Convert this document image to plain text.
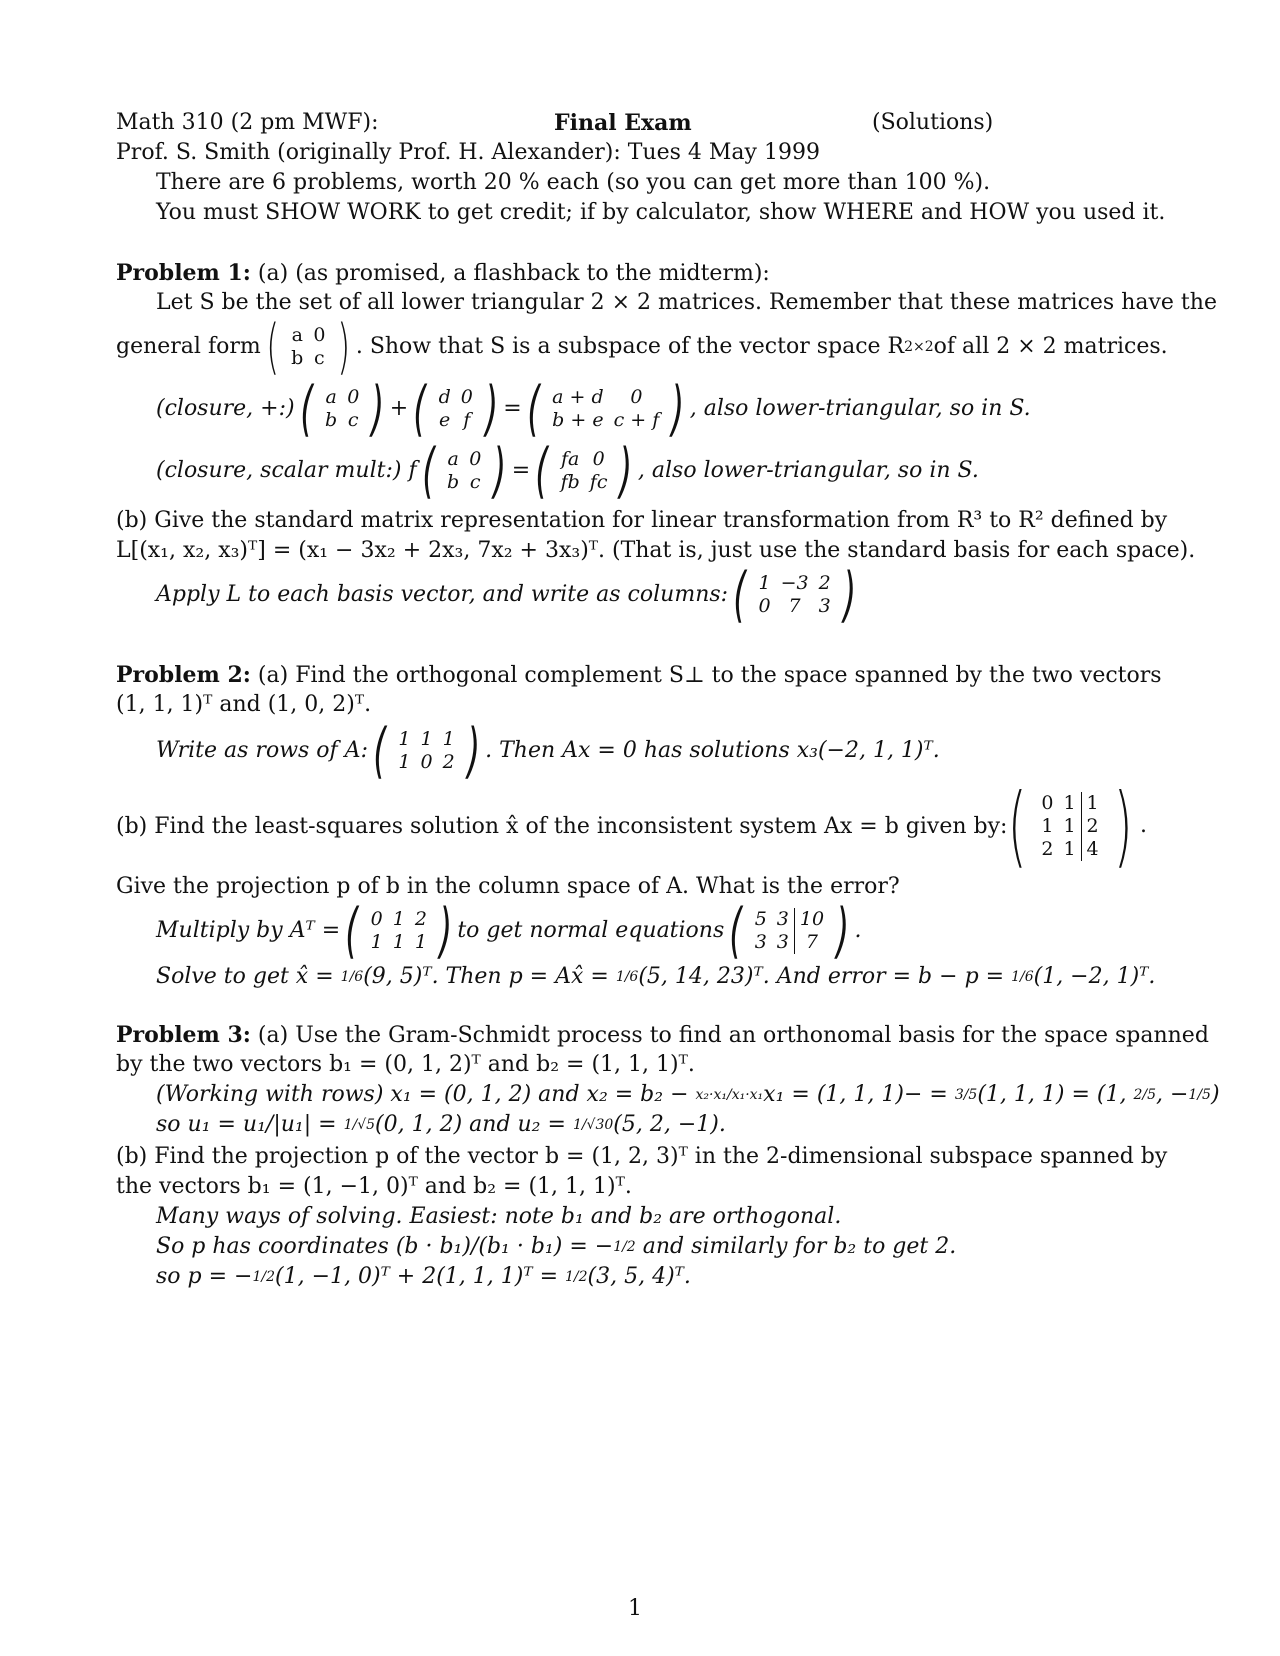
Math 310 (2 pm MWF):	Final Exam	(Solutions)
Prof. S. Smith (originally Prof. H. Alexander): Tues 4 May 1999
There are 6 problems, worth 20 % each (so you can get more than 100 %).
You must SHOW WORK to get credit; if by calculator, show WHERE and HOW you used it.
Problem 1: (a) (as promised, a flashback to the midterm):
Let S be the set of all lower triangular 2 × 2 matrices. Remember that these matrices have the
general form ( a	0
b	c ) . Show that S is a subspace of the vector space R 2×2 of all 2 × 2 matrices.
(closure, +:) ( a	0
b	c ) + ( d	0
e	f ) = ( a + d	0
b + e	c + f ) , also lower-triangular, so in S.
(closure, scalar mult:) f ( a	0
b	c ) = ( fa	0
fb	fc ) , also lower-triangular, so in S.
(b) Give the standard matrix representation for linear transformation from R³ to R² defined by
L[(x₁, x₂, x₃)ᵀ] = (x₁ − 3x₂ + 2x₃, 7x₂ + 3x₃)ᵀ. (That is, just use the standard basis for each space).
Apply L to each basis vector, and write as columns: ( 1	−3	2
0	7	3 )
Problem 2: (a) Find the orthogonal complement S⊥ to the space spanned by the two vectors
(1, 1, 1)ᵀ and (1, 0, 2)ᵀ.
Write as rows of A: ( 1	1	1
1	0	2 ) . Then Ax = 0 has solutions x₃(−2, 1, 1)ᵀ.
(b) Find the least-squares solution x̂ of the inconsistent system Ax = b given by: ( 0	1	1
1	1	2
2	1	4 ) .
Give the projection p of b in the column space of A. What is the error?
Multiply by Aᵀ = ( 0	1	2
1	1	1 ) to get normal equations ( 5	3	10
3	3	7 ) .
Solve to get x̂ = 1/6(9, 5)ᵀ. Then p = Ax̂ = 1/6(5, 14, 23)ᵀ. And error = b − p = 1/6(1, −2, 1)ᵀ.
Problem 3: (a) Use the Gram-Schmidt process to find an orthonomal basis for the space spanned
by the two vectors b₁ = (0, 1, 2)ᵀ and b₂ = (1, 1, 1)ᵀ.
(Working with rows) x₁ = (0, 1, 2) and x₂ = b₂ − x₂·x₁/x₁·x₁x₁ = (1, 1, 1)− = 3/5(1, 1, 1) = (1, 2/5, −1/5)
so u₁ = u₁/|u₁| = 1/√5(0, 1, 2) and u₂ = 1/√30(5, 2, −1).
(b) Find the projection p of the vector b = (1, 2, 3)ᵀ in the 2-dimensional subspace spanned by
the vectors b₁ = (1, −1, 0)ᵀ and b₂ = (1, 1, 1)ᵀ.
Many ways of solving. Easiest: note b₁ and b₂ are orthogonal.
So p has coordinates (b · b₁)/(b₁ · b₁) = −1/2 and similarly for b₂ to get 2.
so p = −1/2(1, −1, 0)ᵀ + 2(1, 1, 1)ᵀ = 1/2(3, 5, 4)ᵀ.
1
